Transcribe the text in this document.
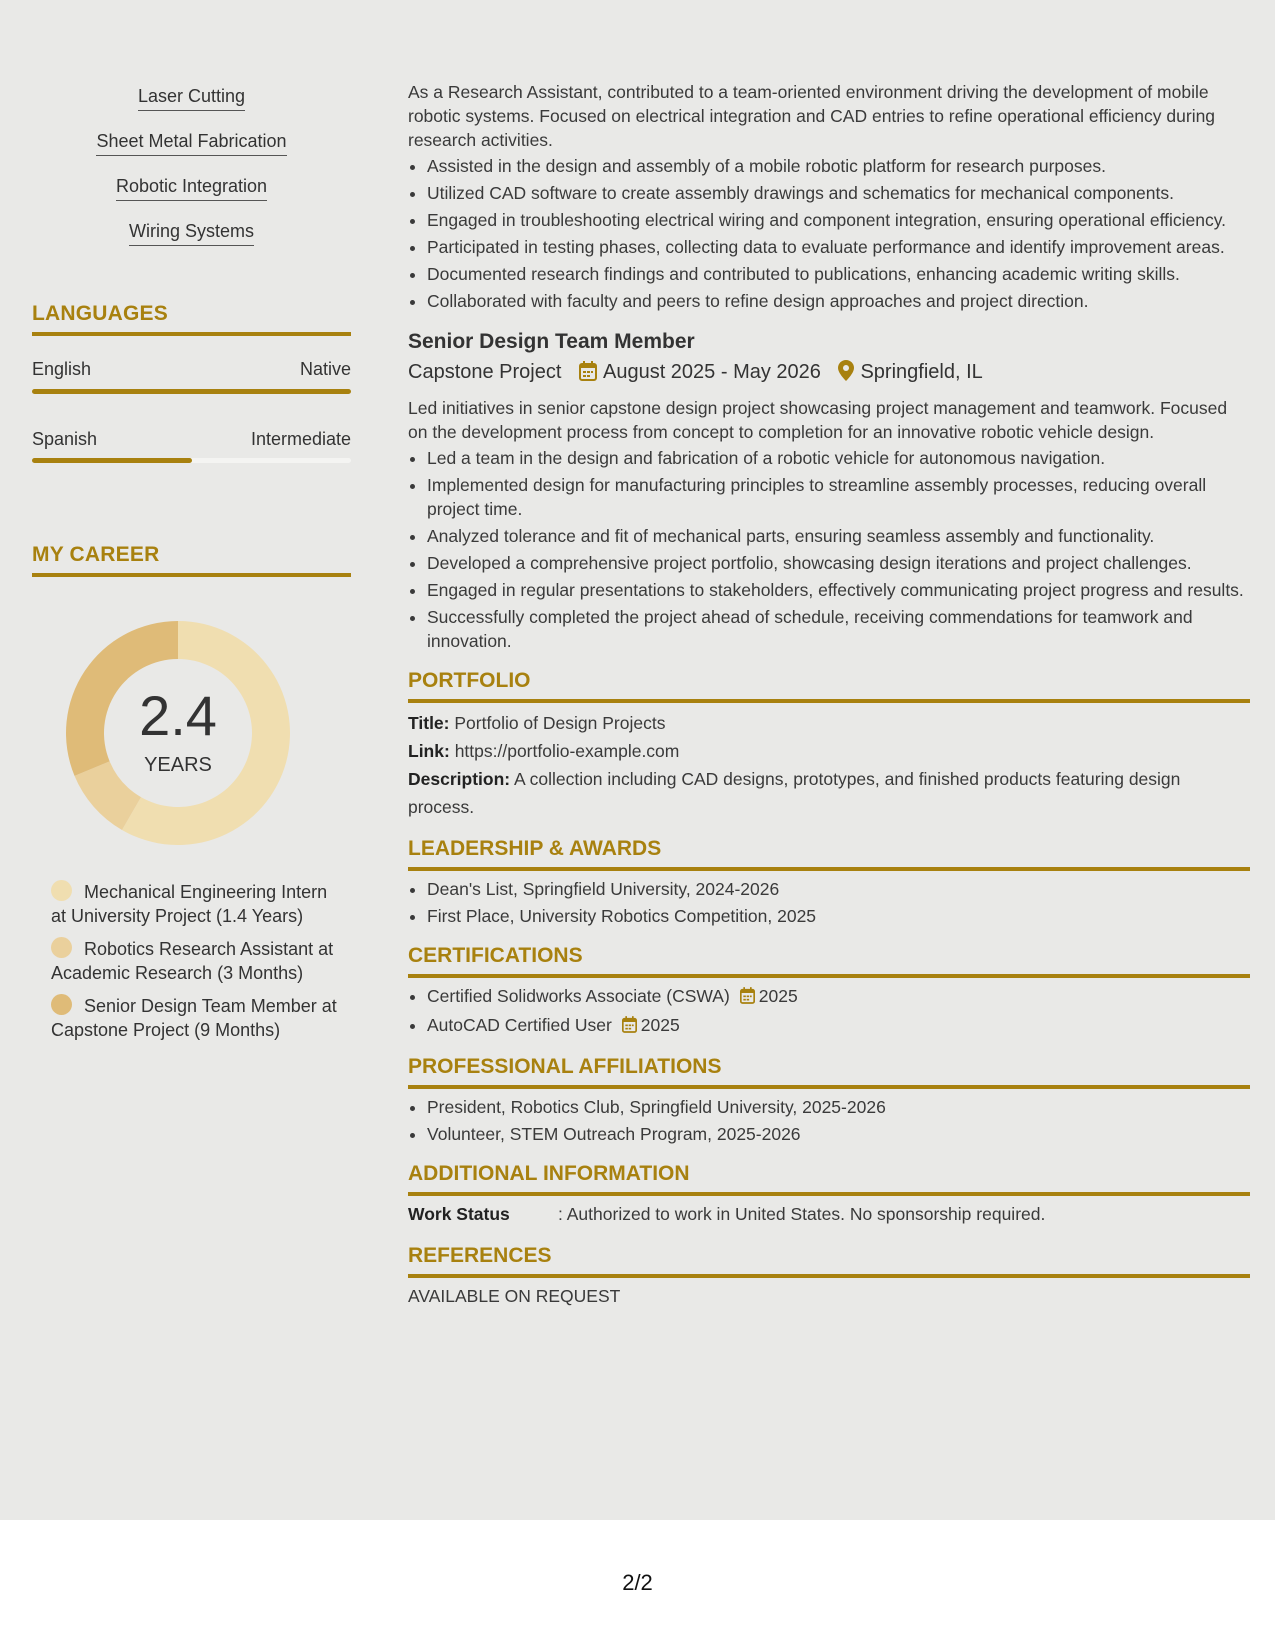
Laser Cutting
Sheet Metal Fabrication
Robotic Integration
Wiring Systems
LANGUAGES
English	Native
Spanish	Intermediate
MY CAREER
2.4
YEARS
Mechanical Engineering Intern at University Project (1.4 Years)
Robotics Research Assistant at Academic Research (3 Months)
Senior Design Team Member at Capstone Project (9 Months)

As a Research Assistant, contributed to a team-oriented environment driving the development of mobile robotic systems. Focused on electrical integration and CAD entries to refine operational efficiency during research activities.

• Assisted in the design and assembly of a mobile robotic platform for research purposes.
• Utilized CAD software to create assembly drawings and schematics for mechanical components.
• Engaged in troubleshooting electrical wiring and component integration, ensuring operational efficiency.
• Participated in testing phases, collecting data to evaluate performance and identify improvement areas.
• Documented research findings and contributed to publications, enhancing academic writing skills.
• Collaborated with faculty and peers to refine design approaches and project direction.
Senior Design Team Member
Capstone Project August 2025 - May 2026 Springfield, IL

Led initiatives in senior capstone design project showcasing project management and teamwork. Focused on the development process from concept to completion for an innovative robotic vehicle design.

• Led a team in the design and fabrication of a robotic vehicle for autonomous navigation.
• Implemented design for manufacturing principles to streamline assembly processes, reducing overall project time.
• Analyzed tolerance and fit of mechanical parts, ensuring seamless assembly and functionality.
• Developed a comprehensive project portfolio, showcasing design iterations and project challenges.
• Engaged in regular presentations to stakeholders, effectively communicating project progress and results.
• Successfully completed the project ahead of schedule, receiving commendations for teamwork and innovation.
PORTFOLIO
Title: Portfolio of Design Projects
Link: https://portfolio-example.com
Description: A collection including CAD designs, prototypes, and finished products featuring design process.
LEADERSHIP & AWARDS
• Dean's List, Springfield University, 2024-2026
• First Place, University Robotics Competition, 2025
CERTIFICATIONS
• Certified Solidworks Associate (CSWA) 2025
• AutoCAD Certified User 2025
PROFESSIONAL AFFILIATIONS
• President, Robotics Club, Springfield University, 2025-2026
• Volunteer, STEM Outreach Program, 2025-2026
ADDITIONAL INFORMATION
Work Status	: Authorized to work in United States. No sponsorship required.
REFERENCES

AVAILABLE ON REQUEST

2/2
